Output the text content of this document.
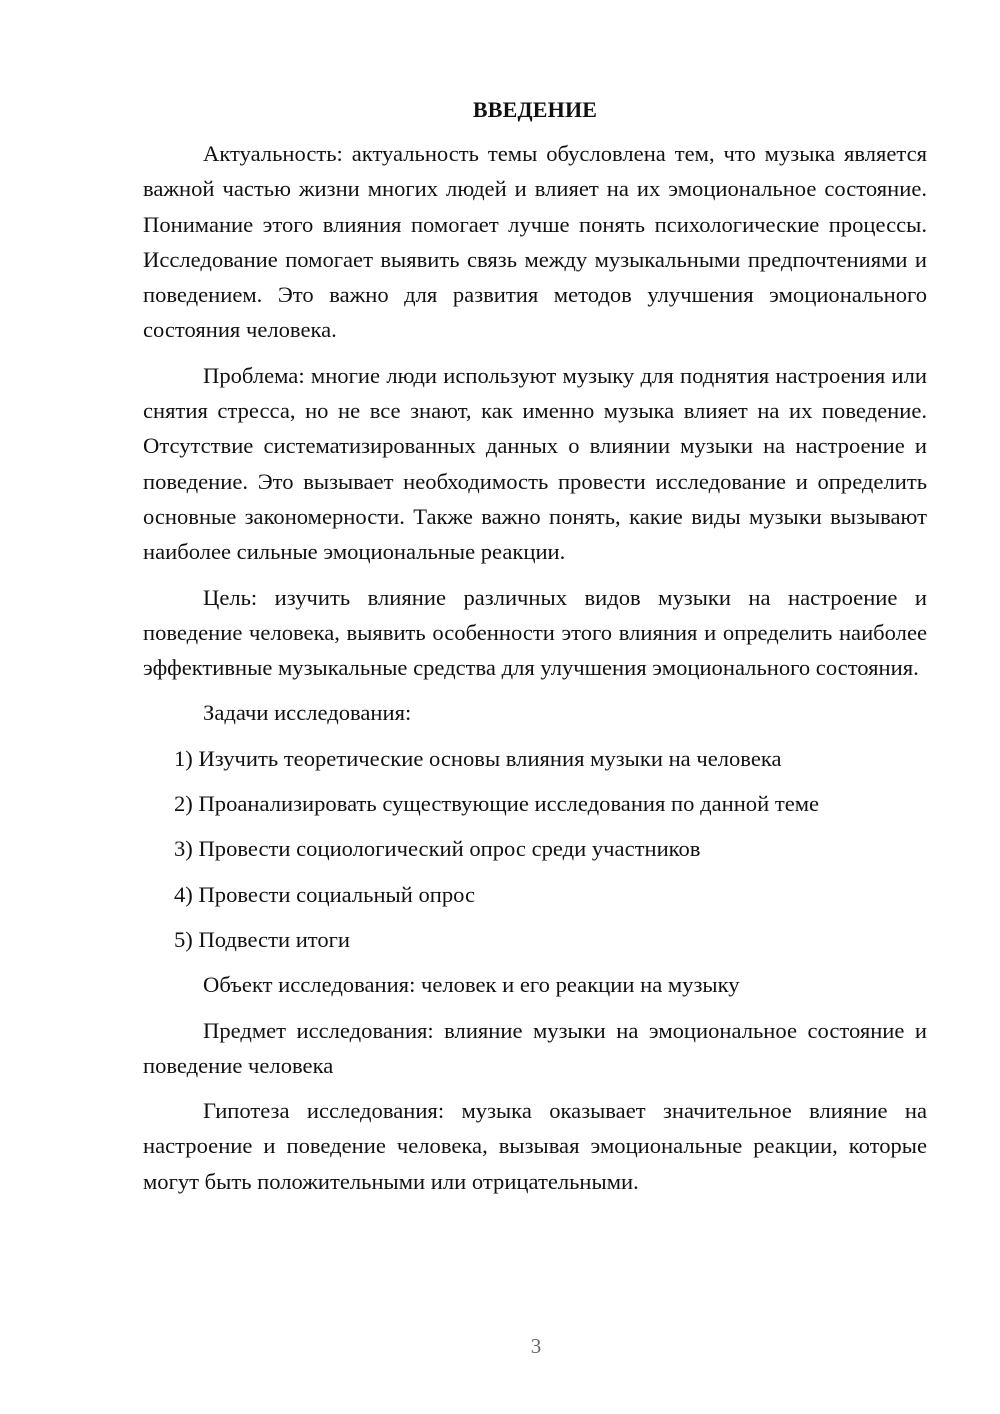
ВВЕДЕНИЕ

Актуальность: актуальность темы обусловлена тем, что музыка является важной частью жизни многих людей и влияет на их эмоциональное состояние. Понимание этого влияния помогает лучше понять психологические процессы. Исследование помогает выявить связь между музыкальными предпочтениями и поведением. Это важно для развития методов улучшения эмоционального состояния человека.

Проблема: многие люди используют музыку для поднятия настроения или снятия стресса, но не все знают, как именно музыка влияет на их поведение. Отсутствие систематизированных данных о влиянии музыки на настроение и поведение. Это вызывает необходимость провести исследование и определить основные закономерности. Также важно понять, какие виды музыки вызывают наиболее сильные эмоциональные реакции.

Цель: изучить влияние различных видов музыки на настроение и поведение человека, выявить особенности этого влияния и определить наиболее эффективные музыкальные средства для улучшения эмоционального состояния.

Задачи исследования:
1) Изучить теоретические основы влияния музыки на человека
2) Проанализировать существующие исследования по данной теме
3) Провести социологический опрос среди участников
4) Провести социальный опрос
5) Подвести итоги

Объект исследования: человек и его реакции на музыку

Предмет исследования: влияние музыки на эмоциональное состояние и поведение человека

Гипотеза исследования: музыка оказывает значительное влияние на настроение и поведение человека, вызывая эмоциональные реакции, которые могут быть положительными или отрицательными.

3
